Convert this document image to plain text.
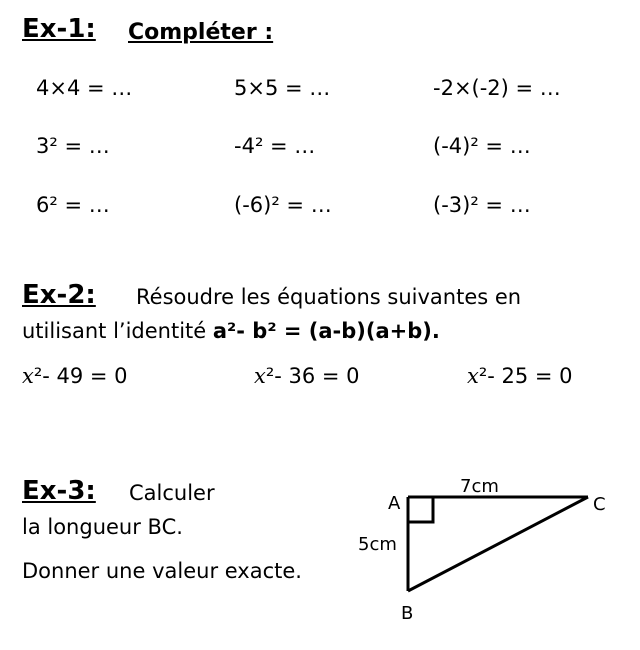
Ex-1: Compléter :
4×4 = …	5×5 = …	-2×(-2) = …
3² = …	-4² = …	(-4)² = …
6² = …	(-6)² = …	(-3)² = …
Ex-2: Résoudre les équations suivantes en
utilisant l’identité a²- b² = (a-b)(a+b).
x²- 49 = 0	x²- 36 = 0	x²- 25 = 0
Ex-3: Calculer
la longueur BC.
Donner une valeur exacte.
A	C
B
7cm
5cm
